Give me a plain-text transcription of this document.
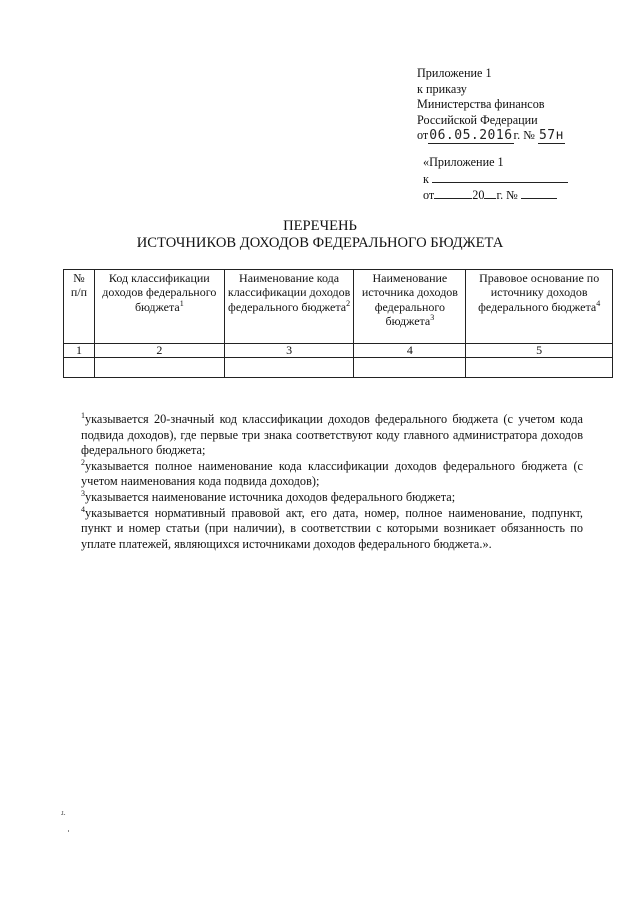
Приложение 1
к приказу
Министерства финансов
Российской Федерации
от06.05.2016г. № 57н
«Приложение 1
к
от	20 г. №
ПЕРЕЧЕНЬ
ИСТОЧНИКОВ ДОХОДОВ ФЕДЕРАЛЬНОГО БЮДЖЕТА
№ п/п	Код классификации доходов федерального бюджета$^1$	Наименование кода классификации доходов федерального бюджета$^2$	Наименование источника доходов федерального бюджета$^3$	Правовое основание по источнику доходов федерального бюджета$^4$
1	2	3	4	5

$^1$указывается 20-значный код классификации доходов федерального бюджета (с учетом кода подвида доходов), где первые три знака соответствуют коду главного администратора доходов федерального бюджета;

$^2$указывается полное наименование кода классификации доходов федерального бюджета (с учетом наименования кода подвида доходов);

$^3$указывается наименование источника доходов федерального бюджета;

$^4$указывается нормативный правовой акт, его дата, номер, полное наименование, подпункт, пункт и номер статьи (при наличии), в соответствии с которыми возникает обязанность по уплате платежей, являющихся источниками доходов федерального бюджета.».

ɹ.
